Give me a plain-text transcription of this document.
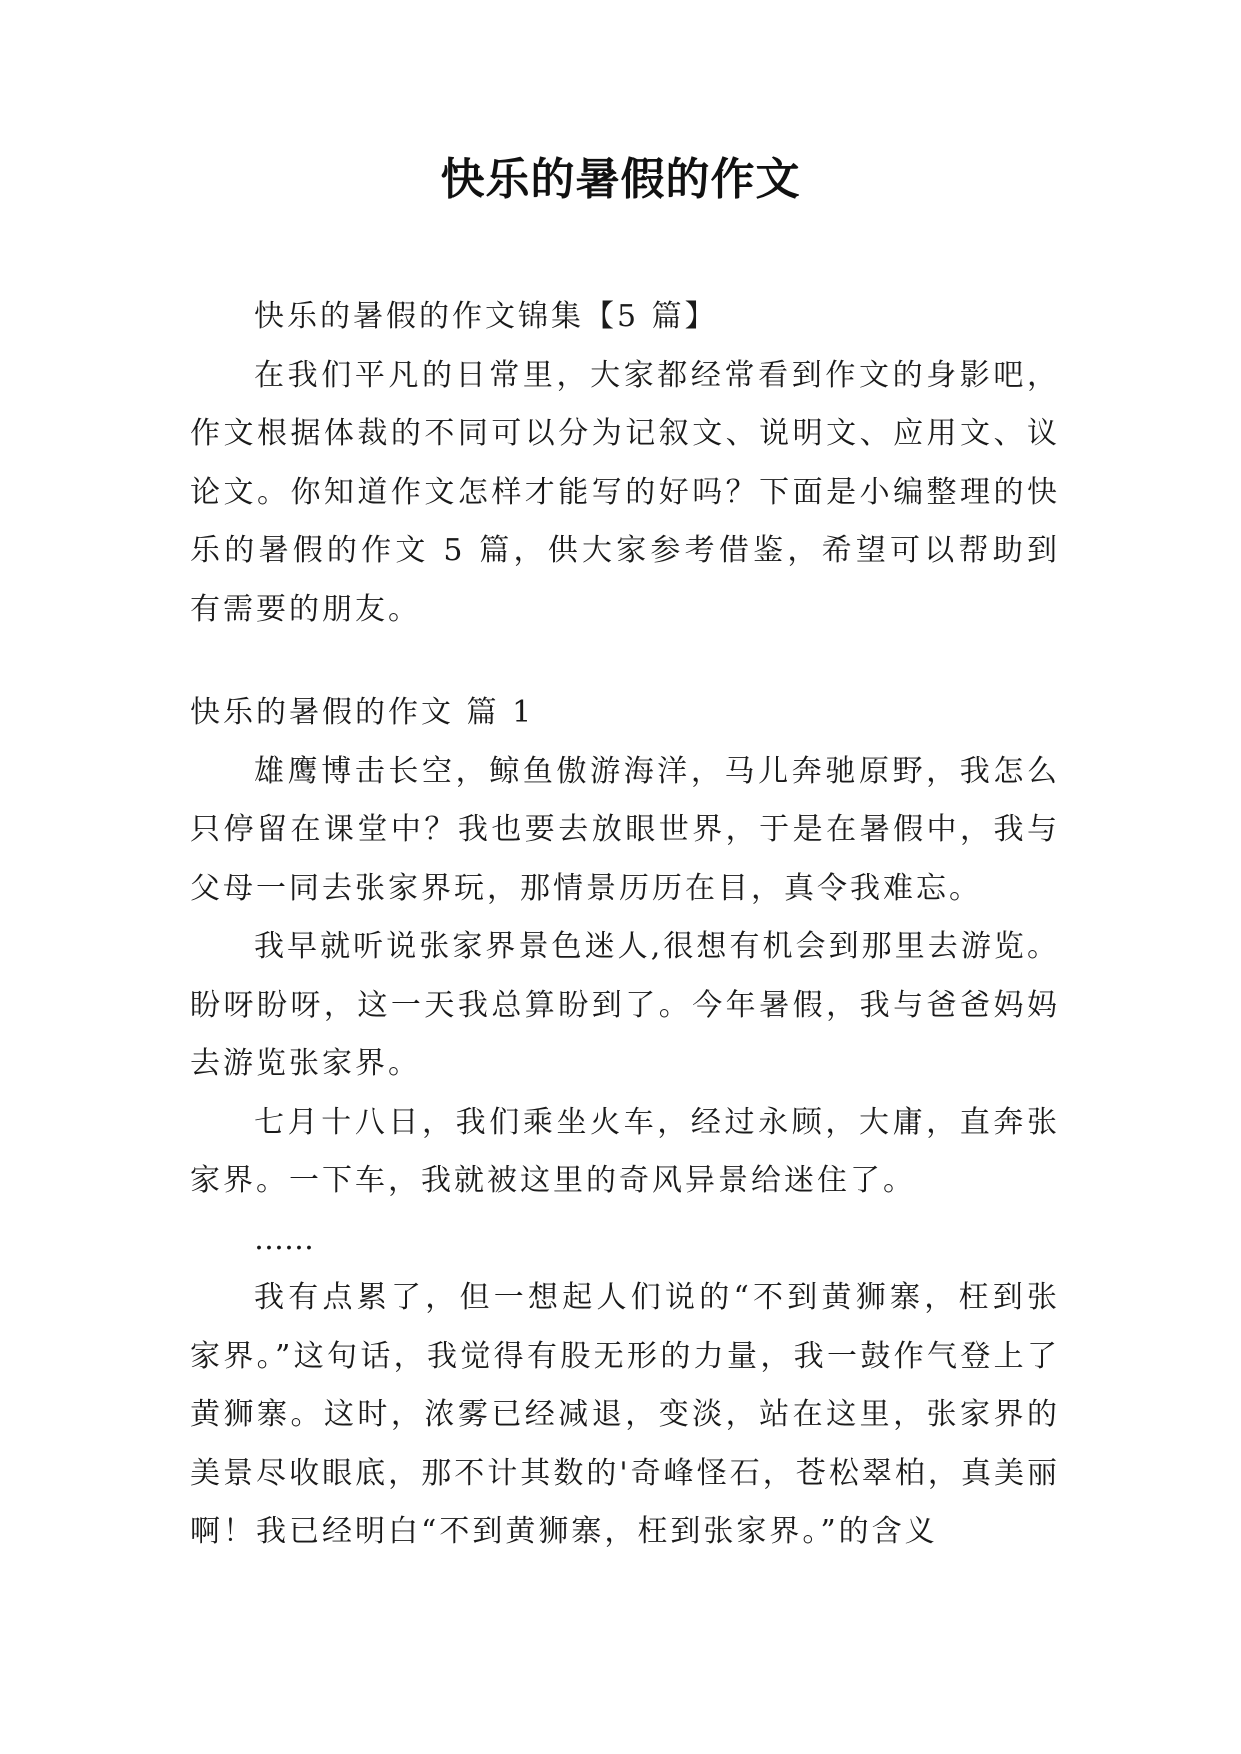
快乐的暑假的作文

快乐的暑假的作文锦集【5 篇】

在我们平凡的日常里，大家都经常看到作文的身影吧，作文根据体裁的不同可以分为记叙文、说明文、应用文、议论文。你知道作文怎样才能写的好吗？下面是小编整理的快乐的暑假的作文 5 篇，供大家参考借鉴，希望可以帮助到有需要的朋友。

快乐的暑假的作文 篇 1

雄鹰博击长空，鲸鱼傲游海洋，马儿奔驰原野，我怎么只停留在课堂中？我也要去放眼世界，于是在暑假中，我与父母一同去张家界玩，那情景历历在目，真令我难忘。

我早就听说张家界景色迷人,很想有机会到那里去游览。盼呀盼呀，这一天我总算盼到了。今年暑假，我与爸爸妈妈去游览张家界。

七月十八日，我们乘坐火车，经过永顾，大庸，直奔张家界。一下车，我就被这里的奇风异景给迷住了。

……

我有点累了，但一想起人们说的“不到黄狮寨，枉到张家界。”这句话，我觉得有股无形的力量，我一鼓作气登上了黄狮寨。这时，浓雾已经减退，变淡，站在这里，张家界的美景尽收眼底，那不计其数的'奇峰怪石，苍松翠柏，真美丽啊！我已经明白“不到黄狮寨，枉到张家界。”的含义
